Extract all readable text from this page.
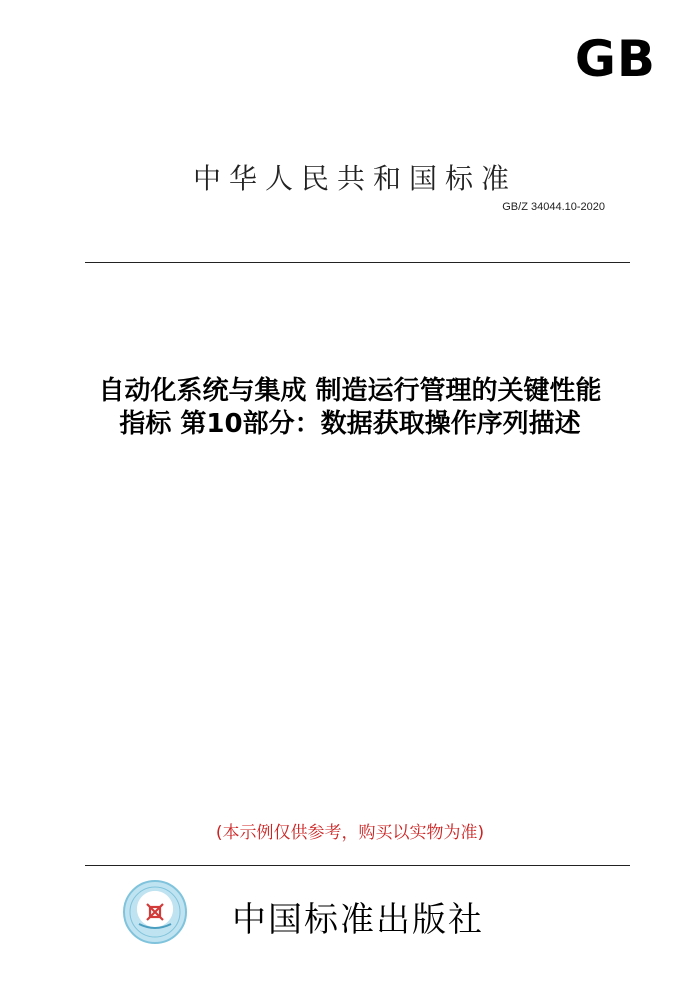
GB
中华人民共和国标准
GB/Z 34044.10-2020
自动化系统与集成 制造运行管理的关键性能
指标 第10部分：数据获取操作序列描述
(本示例仅供参考，购买以实物为准)
中国标准出版社
